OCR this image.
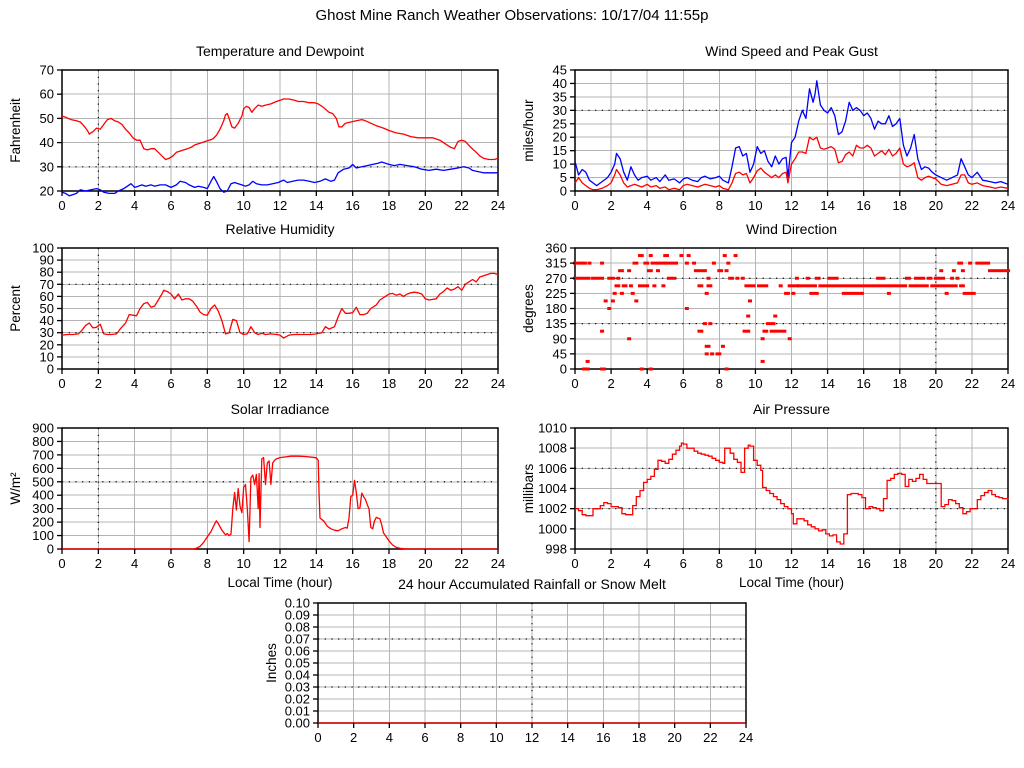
Ghost Mine Ranch Weather Observations: 10/17/04 11:55p
20
30
40
50
60
70
0 2 4 6 8 10 12 14 16 18 20 22 24
Temperature and Dewpoint
Fahrenheit
0
5
10
15
20
25
30
35
40
45
0 2 4 6 8 10 12 14 16 18 20 22 24
Wind Speed and Peak Gust
miles/hour
0
10
20
30
40
50
60
70
80
90
100
0 2 4 6 8 10 12 14 16 18 20 22 24
Relative Humidity
Percent
0
45
90
135
180
225
270
315
360
0 2 4 6 8 10 12 14 16 18 20 22 24
Wind Direction
degrees
0
100
200
300
400
500
600
700
800
900
0 2 4 6 8 10 12 14 16 18 20 22 24
Solar Irradiance
W/m²
Local Time (hour)
998
1000
1002
1004
1006
1008
1010
0 2 4 6 8 10 12 14 16 18 20 22 24
Air Pressure
millibars
Local Time (hour)
0.00
0.01
0.02
0.03
0.04
0.05
0.06
0.07
0.08
0.09
0.10
0 2 4 6 8 10 12 14 16 18 20 22 24
24 hour Accumulated Rainfall or Snow Melt
Inches
